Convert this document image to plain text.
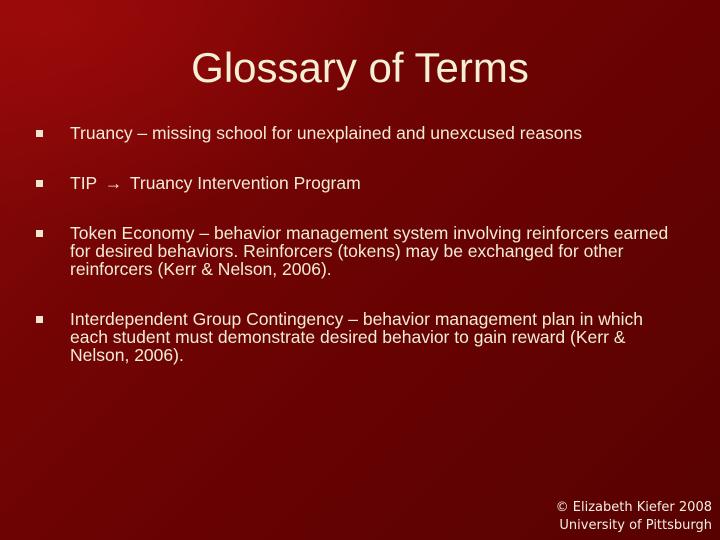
Glossary of Terms
Truancy – missing school for unexplained and unexcused reasons
TIP → Truancy Intervention Program
Token Economy – behavior management system involving reinforcers earned for desired behaviors. Reinforcers (tokens) may be exchanged for other reinforcers (Kerr & Nelson, 2006).
Interdependent Group Contingency – behavior management plan in which each student must demonstrate desired behavior to gain reward (Kerr & Nelson, 2006).
© Elizabeth Kiefer 2008
University of Pittsburgh
